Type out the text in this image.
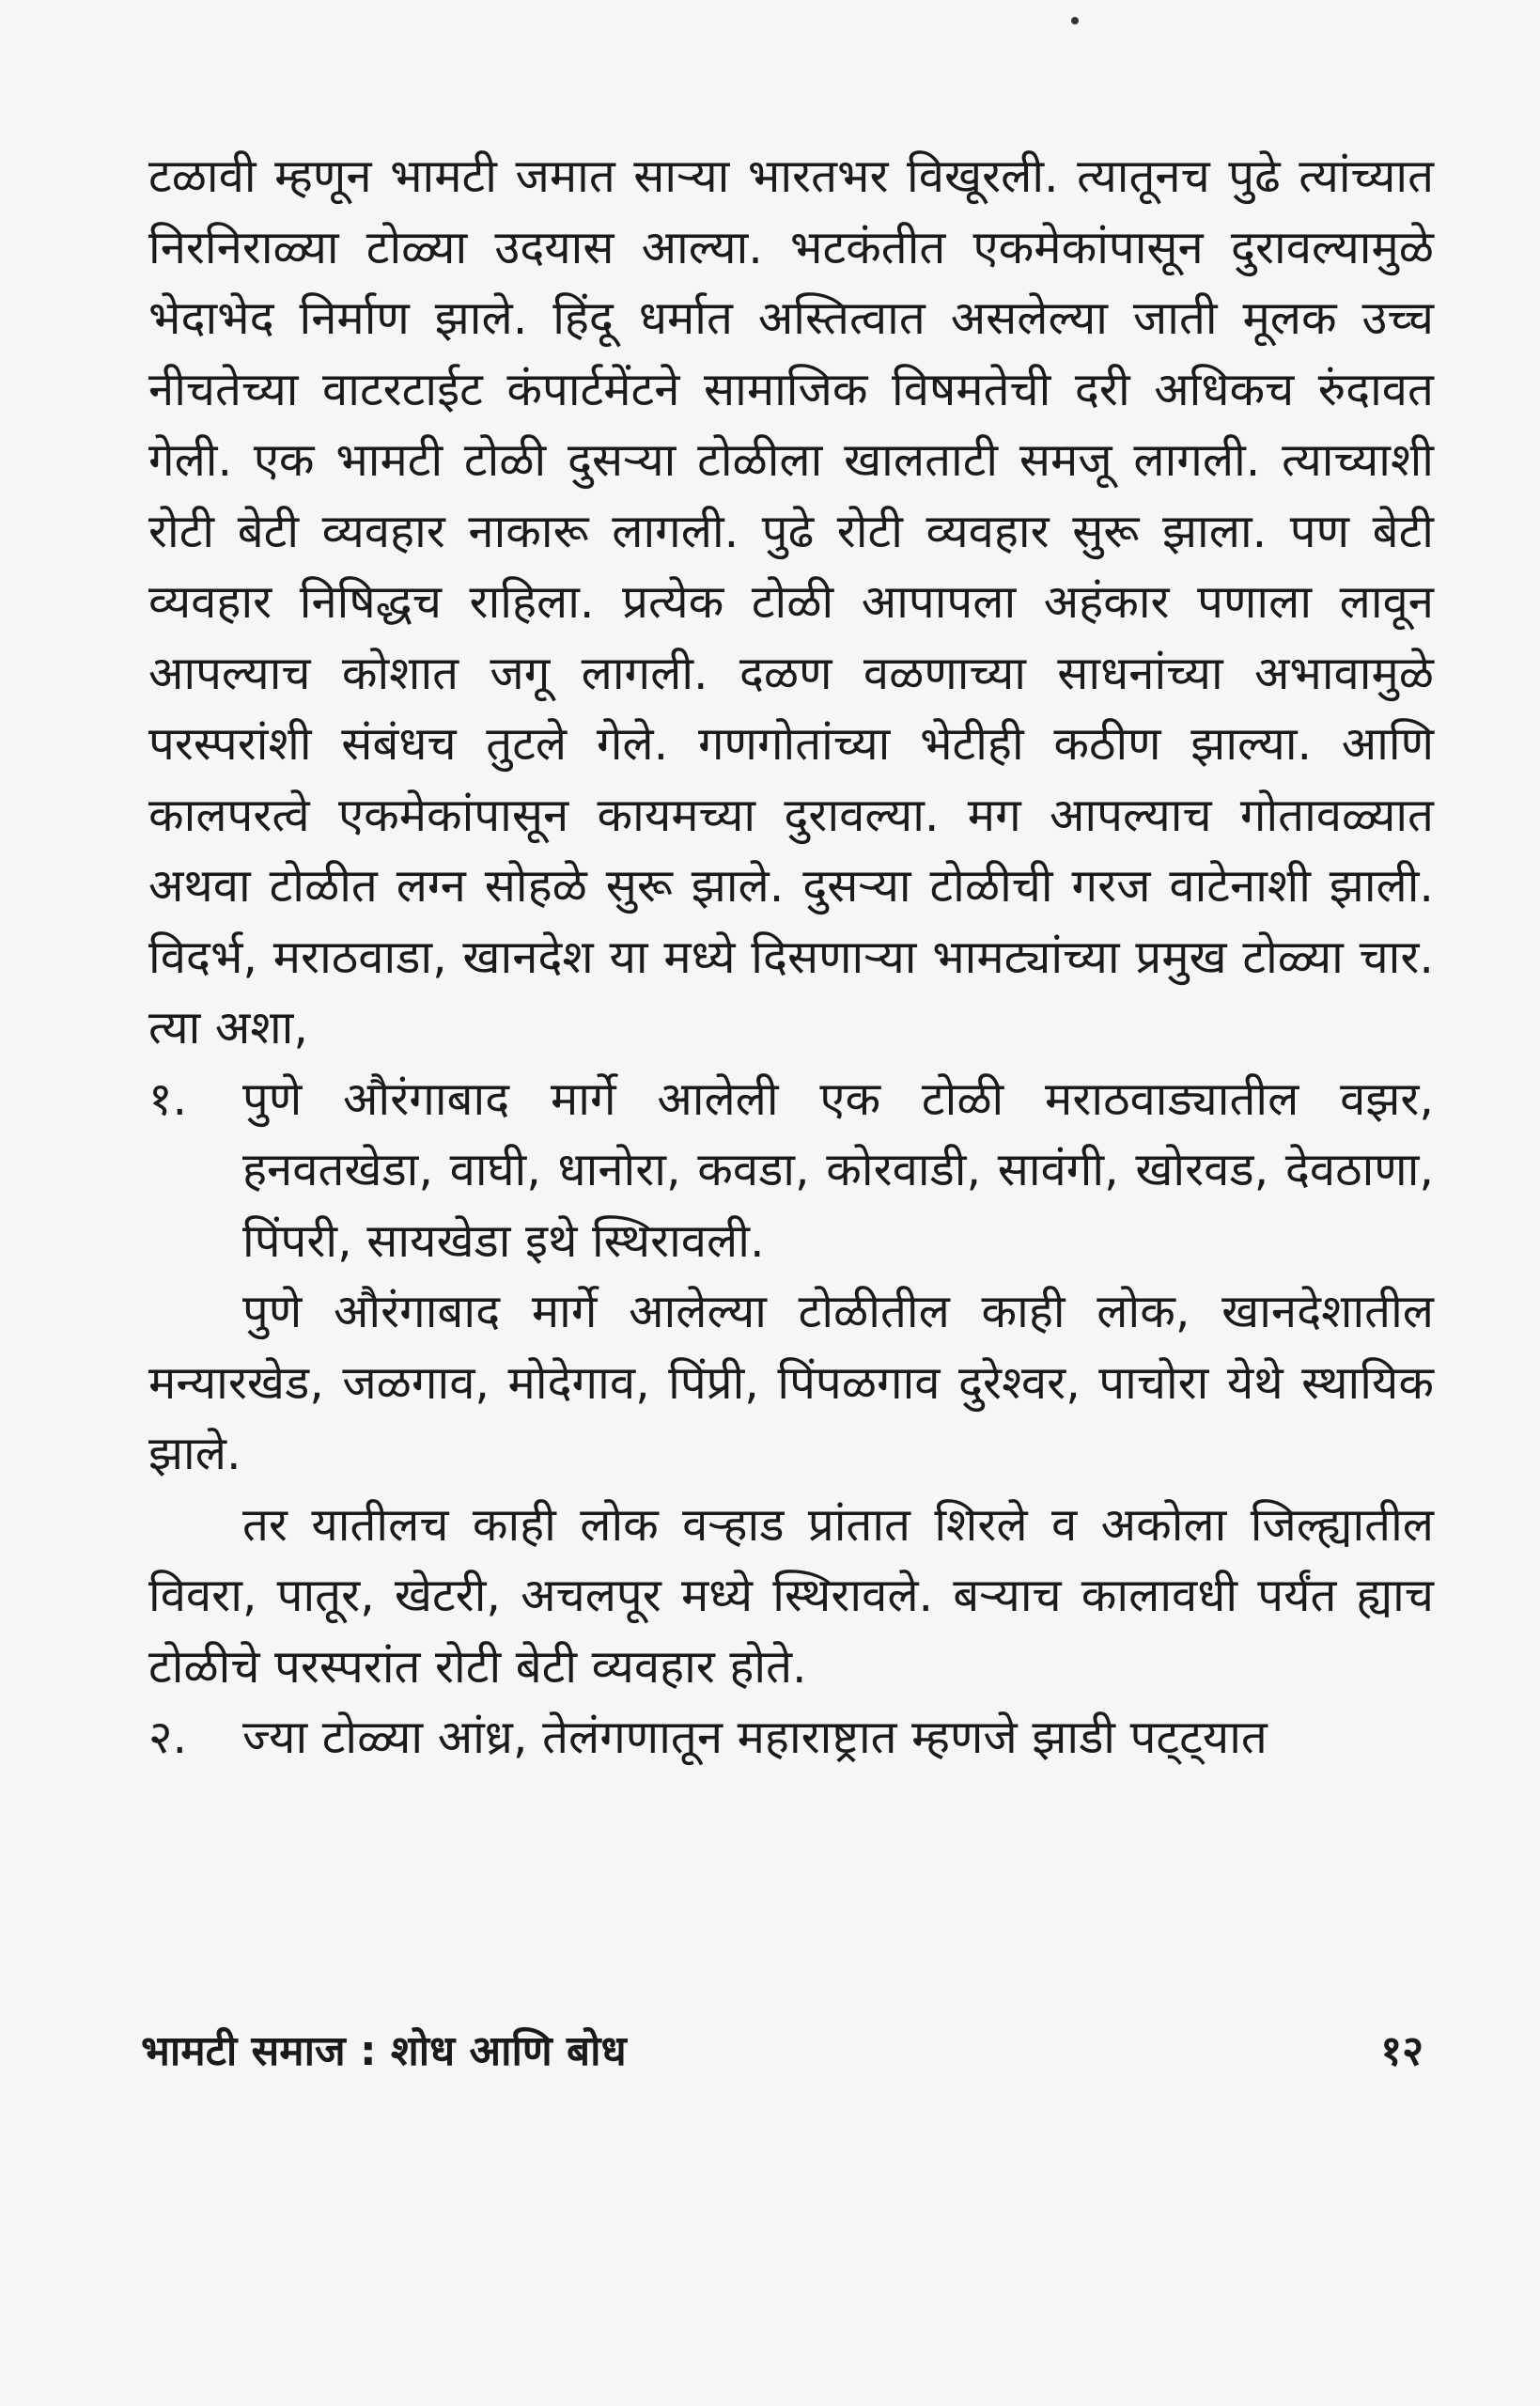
टळावी म्हणून भामटी जमात साऱ्या भारतभर विखूरली. त्यातूनच पुढे त्यांच्यात निरनिराळ्या टोळ्या उदयास आल्या. भटकंतीत एकमेकांपासून दुरावल्यामुळे भेदाभेद निर्माण झाले. हिंदू धर्मात अस्तित्वात असलेल्या जाती मूलक उच्च नीचतेच्या वाटरटाईट कंपार्टमेंटने सामाजिक विषमतेची दरी अधिकच रुंदावत गेली. एक भामटी टोळी दुसऱ्या टोळीला खालताटी समजू लागली. त्याच्याशी रोटी बेटी व्यवहार नाकारू लागली. पुढे रोटी व्यवहार सुरू झाला. पण बेटी व्यवहार निषिद्धच राहिला. प्रत्येक टोळी आपापला अहंकार पणाला लावून आपल्याच कोशात जगू लागली. दळण वळणाच्या साधनांच्या अभावामुळे परस्परांशी संबंधच तुटले गेले. गणगोतांच्या भेटीही कठीण झाल्या. आणि कालपरत्वे एकमेकांपासून कायमच्या दुरावल्या. मग आपल्याच गोतावळ्यात अथवा टोळीत लग्न सोहळे सुरू झाले. दुसऱ्या टोळीची गरज वाटेनाशी झाली. विदर्भ, मराठवाडा, खानदेश या मध्ये दिसणाऱ्या भामट्यांच्या प्रमुख टोळ्या चार. त्या अशा,

१.	पुणे औरंगाबाद मार्गे आलेली एक टोळी मराठवाड्यातील वझर, हनवतखेडा, वाघी, धानोरा, कवडा, कोरवाडी, सावंगी, खोरवड, देवठाणा, पिंपरी, सायखेडा इथे स्थिरावली.

पुणे औरंगाबाद मार्गे आलेल्या टोळीतील काही लोक, खानदेशातील मन्यारखेड, जळगाव, मोदेगाव, पिंप्री, पिंपळगाव दुरेश्वर, पाचोरा येथे स्थायिक झाले.

तर यातीलच काही लोक वऱ्हाड प्रांतात शिरले व अकोला जिल्ह्यातील विवरा, पातूर, खेटरी, अचलपूर मध्ये स्थिरावले. बऱ्याच कालावधी पर्यंत ह्याच टोळीचे परस्परांत रोटी बेटी व्यवहार होते.

२.	ज्या टोळ्या आंध्र, तेलंगणातून महाराष्ट्रात म्हणजे झाडी पट्ट्यात

भामटी समाज : शोध आणि बोध	१२
